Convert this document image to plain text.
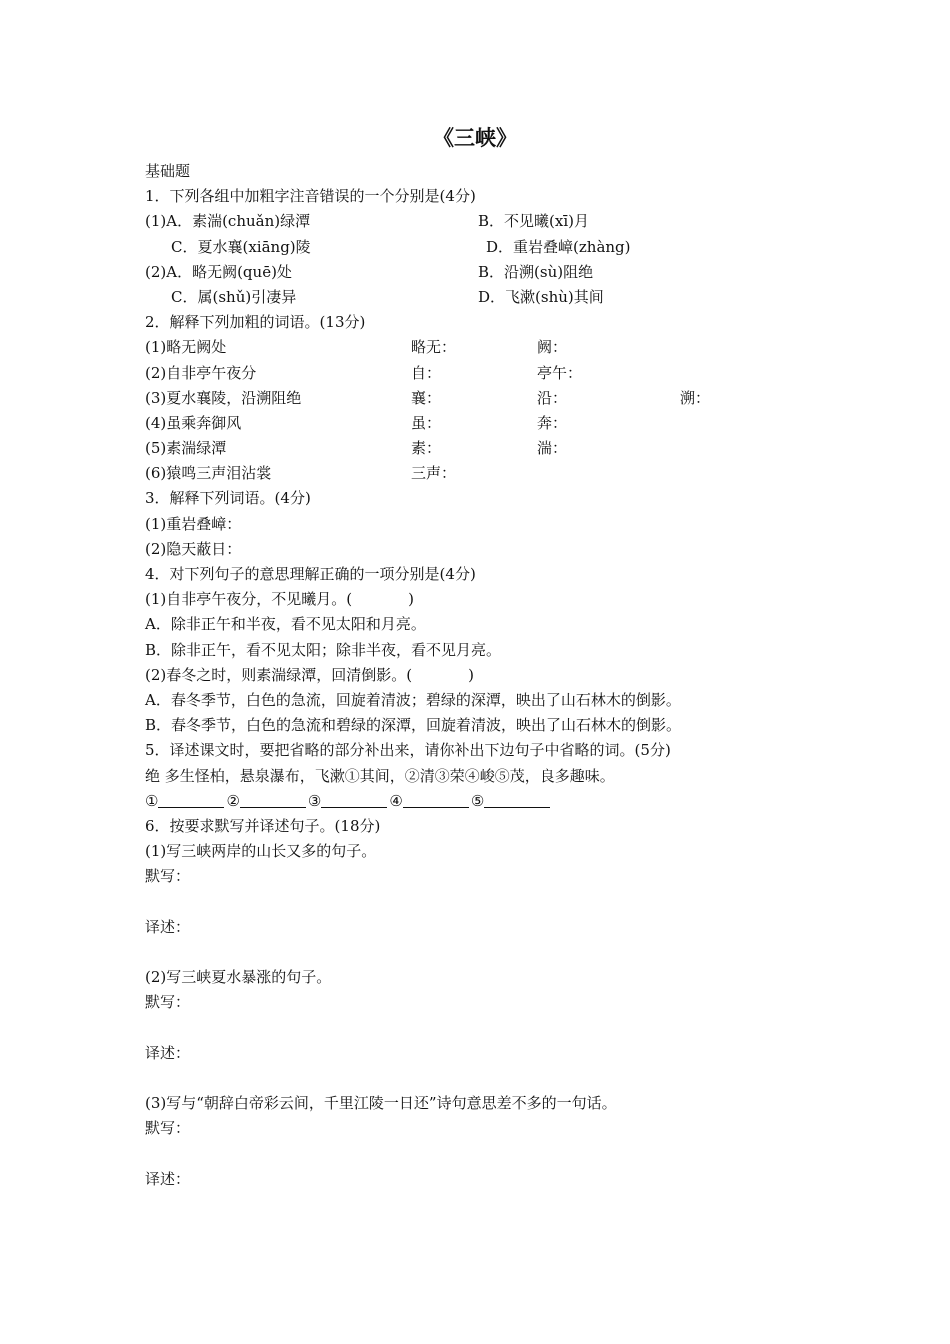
《三峡》
基础题
1．下列各组中加粗字注音错误的一个分别是(4分)
(1)A．素湍(chuǎn)绿潭	B．不见曦(xī)月
C．夏水襄(xiāng)陵	D．重岩叠嶂(zhàng)
(2)A．略无阙(quē)处	B．沿溯(sù)阻绝
C．属(shǔ)引凄异	D．飞漱(shù)其间
2．解释下列加粗的词语。(13分)
(1)略无阙处	略无：	阙：
(2)自非亭午夜分	自：	亭午：
(3)夏水襄陵，沿溯阻绝	襄：	沿：	溯：
(4)虽乘奔御风	虽：	奔：
(5)素湍绿潭	素：	湍：
(6)猿鸣三声泪沾裳	三声：
3．解释下列词语。(4分)
(1)重岩叠嶂：
(2)隐天蔽日：
4．对下列句子的意思理解正确的一项分别是(4分)
(1)自非亭午夜分，不见曦月。(	)
A．除非正午和半夜，看不见太阳和月亮。
B．除非正午，看不见太阳；除非半夜，看不见月亮。
(2)春冬之时，则素湍绿潭，回清倒影。(	)
A．春冬季节，白色的急流，回旋着清波；碧绿的深潭，映出了山石林木的倒影。
B．春冬季节，白色的急流和碧绿的深潭，回旋着清波，映出了山石林木的倒影。
5．译述课文时，要把省略的部分补出来，请你补出下边句子中省略的词。(5分)
绝 多生怪柏，悬泉瀑布，飞漱①其间，②清③荣④峻⑤茂，良多趣味。
①	②	③	④	⑤
6．按要求默写并译述句子。(18分)
(1)写三峡两岸的山长又多的句子。
默写：
译述：
(2)写三峡夏水暴涨的句子。
默写：
译述：
(3)写与“朝辞白帝彩云间，千里江陵一日还”诗句意思差不多的一句话。
默写：
译述：
